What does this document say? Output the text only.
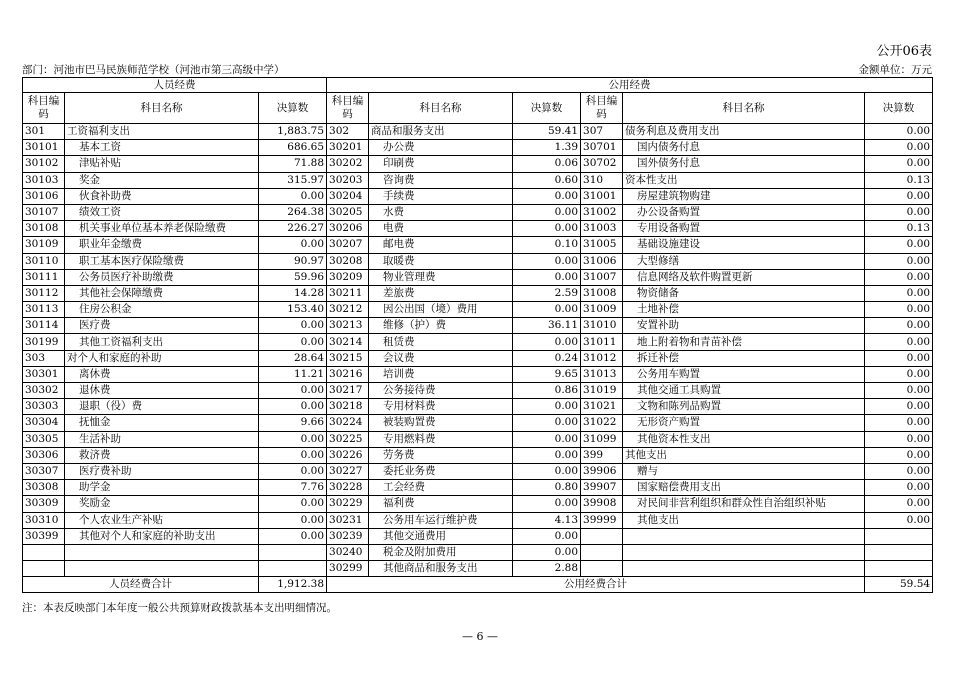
公开06表
部门：河池市巴马民族师范学校（河池市第三高级中学）	金额单位：万元
人员经费			公用经费					
科目编码	科目名称	决算数	科目编码	科目名称	决算数	科目编码	科目名称	决算数
301	工资福利支出	1,883.75	302	商品和服务支出	59.41	307	债务利息及费用支出	0.00
30101	基本工资	686.65	30201	办公费	1.39	30701	国内债务付息	0.00
30102	津贴补贴	71.88	30202	印刷费	0.06	30702	国外债务付息	0.00
30103	奖金	315.97	30203	咨询费	0.60	310	资本性支出	0.13
30106	伙食补助费	0.00	30204	手续费	0.00	31001	房屋建筑物购建	0.00
30107	绩效工资	264.38	30205	水费	0.00	31002	办公设备购置	0.00
30108	机关事业单位基本养老保险缴费	226.27	30206	电费	0.00	31003	专用设备购置	0.13
30109	职业年金缴费	0.00	30207	邮电费	0.10	31005	基础设施建设	0.00
30110	职工基本医疗保险缴费	90.97	30208	取暖费	0.00	31006	大型修缮	0.00
30111	公务员医疗补助缴费	59.96	30209	物业管理费	0.00	31007	信息网络及软件购置更新	0.00
30112	其他社会保障缴费	14.28	30211	差旅费	2.59	31008	物资储备	0.00
30113	住房公积金	153.40	30212	因公出国（境）费用	0.00	31009	土地补偿	0.00
30114	医疗费	0.00	30213	维修（护）费	36.11	31010	安置补助	0.00
30199	其他工资福利支出	0.00	30214	租赁费	0.00	31011	地上附着物和青苗补偿	0.00
303	对个人和家庭的补助	28.64	30215	会议费	0.24	31012	拆迁补偿	0.00
30301	离休费	11.21	30216	培训费	9.65	31013	公务用车购置	0.00
30302	退休费	0.00	30217	公务接待费	0.86	31019	其他交通工具购置	0.00
30303	退职（役）费	0.00	30218	专用材料费	0.00	31021	文物和陈列品购置	0.00
30304	抚恤金	9.66	30224	被装购置费	0.00	31022	无形资产购置	0.00
30305	生活补助	0.00	30225	专用燃料费	0.00	31099	其他资本性支出	0.00
30306	救济费	0.00	30226	劳务费	0.00	399	其他支出	0.00
30307	医疗费补助	0.00	30227	委托业务费	0.00	39906	赠与	0.00
30308	助学金	7.76	30228	工会经费	0.80	39907	国家赔偿费用支出	0.00
30309	奖励金	0.00	30229	福利费	0.00	39908	对民间非营利组织和群众性自治组织补贴	0.00
30310	个人农业生产补贴	0.00	30231	公务用车运行维护费	4.13	39999	其他支出	0.00
30399	其他对个人和家庭的补助支出	0.00	30239	其他交通费用	0.00			
			30240	税金及附加费用	0.00			
			30299	其他商品和服务支出	2.88			
人员经费合计		1,912.38	公用经费合计					59.54
注：本表反映部门本年度一般公共预算财政拨款基本支出明细情况。
— 6 —
